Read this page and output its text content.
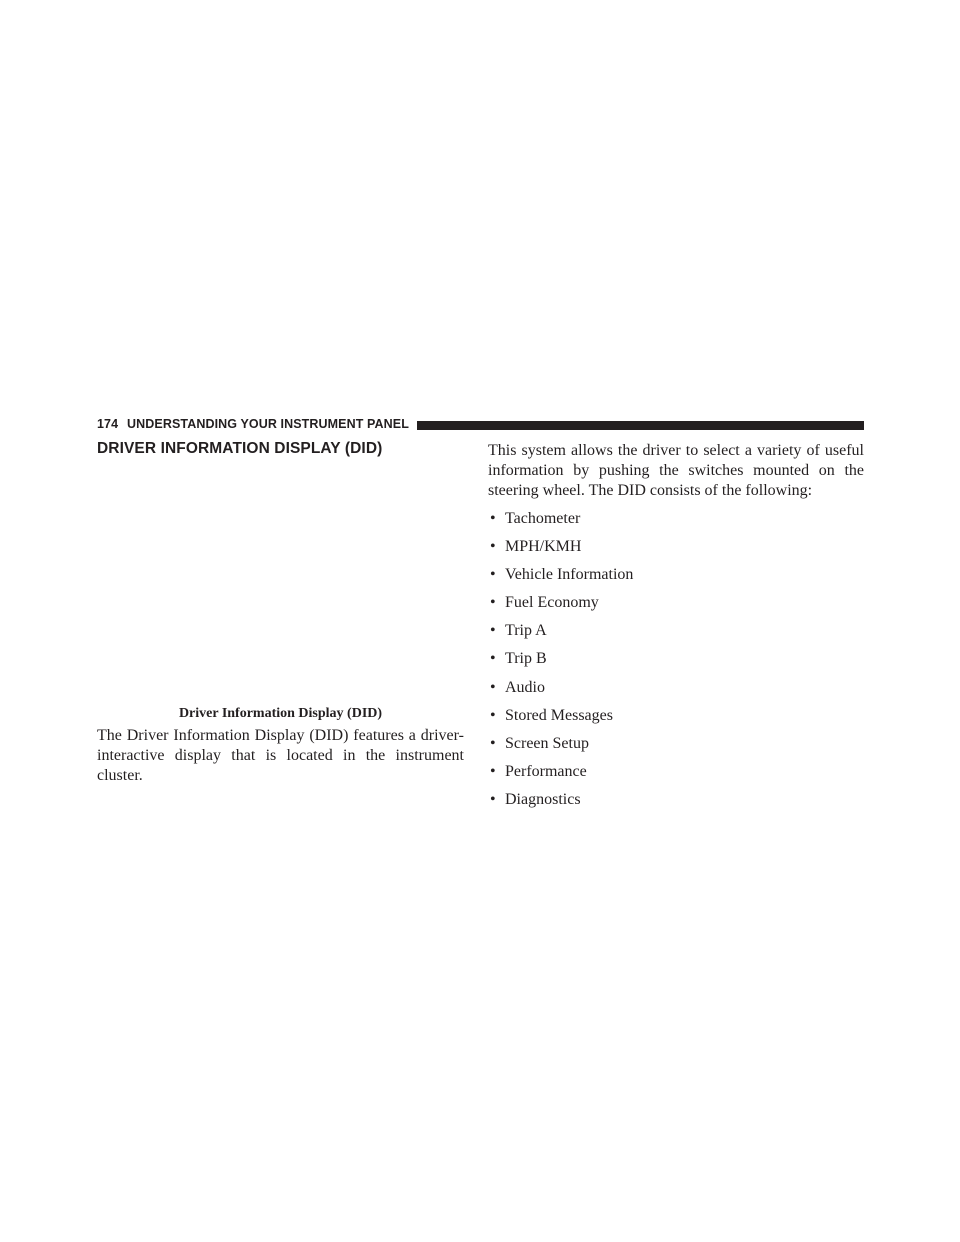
174 UNDERSTANDING YOUR INSTRUMENT PANEL
DRIVER INFORMATION DISPLAY (DID)
Driver Information Display (DID)

The Driver Information Display (DID) features a driver-interactive display that is located in the instrument cluster.

This system allows the driver to select a variety of useful information by pushing the switches mounted on the steering wheel. The DID consists of the following:

• Tachometer
• MPH/KMH
• Vehicle Information
• Fuel Economy
• Trip A
• Trip B
• Audio
• Stored Messages
• Screen Setup
• Performance
• Diagnostics
